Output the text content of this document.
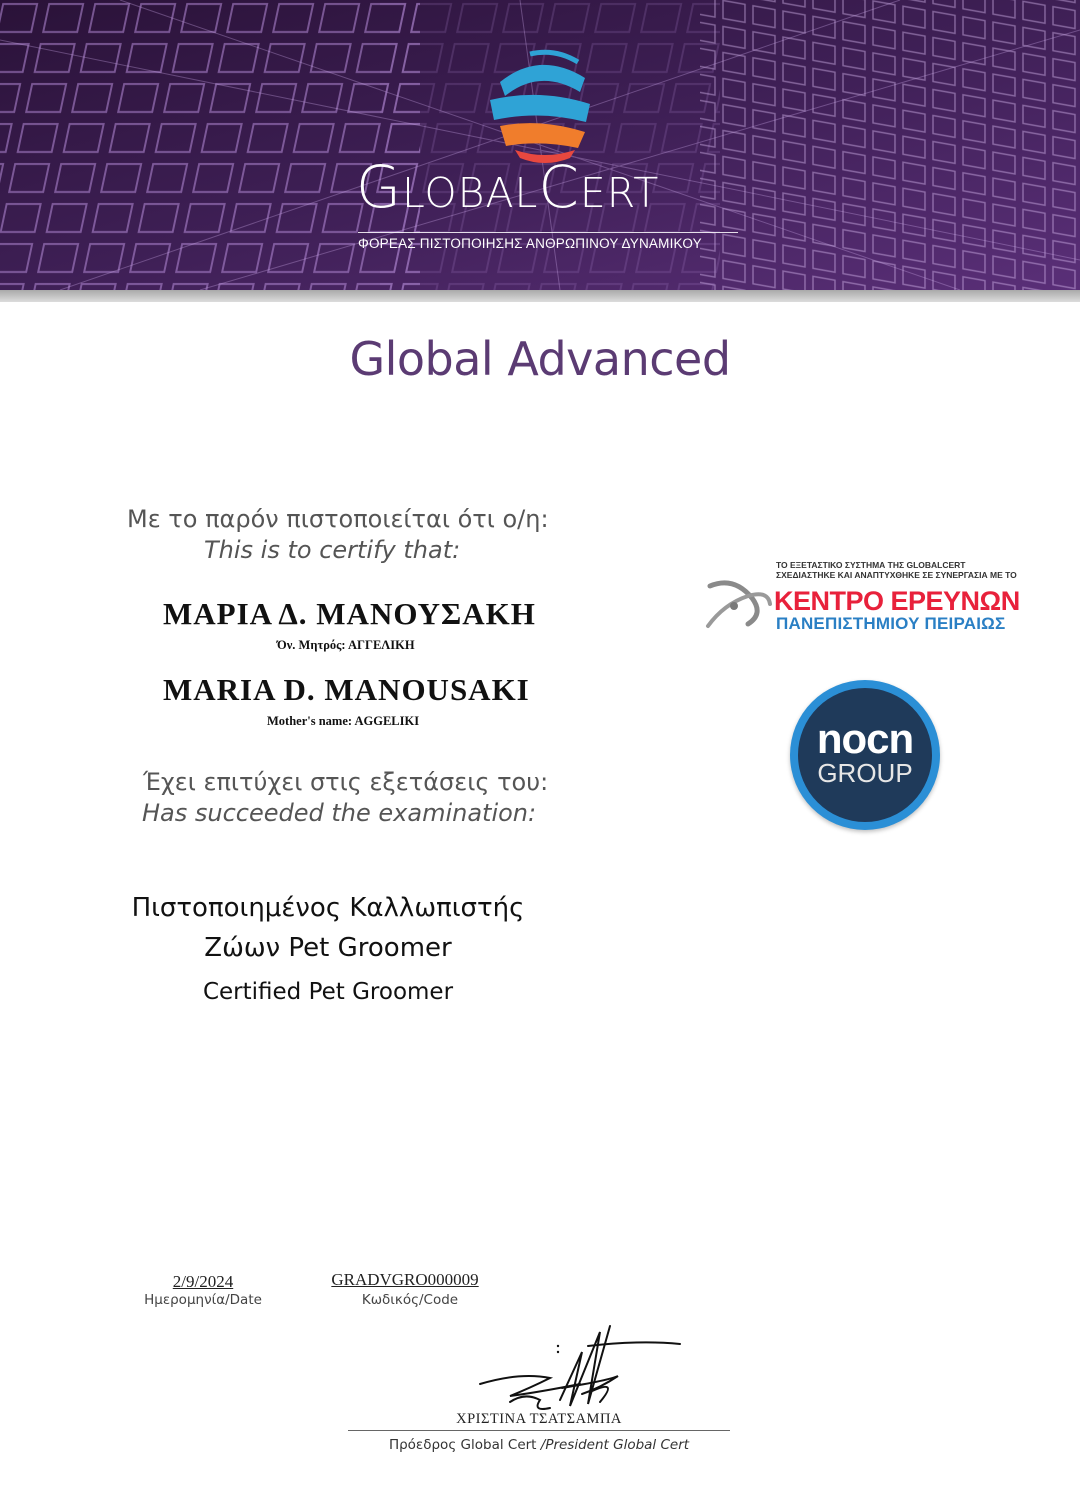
GlobalCert
ΦΟΡΕΑΣ ΠΙΣΤΟΠΟΙΗΣΗΣ ΑΝΘΡΩΠΙΝΟΥ ΔΥΝΑΜΙΚΟΥ
Global Advanced
Με το παρόν πιστοποιείται ότι ο/η:
This is to certify that:
ΜΑΡΙΑ Δ. ΜΑΝΟΥΣΑΚΗ
Όν. Μητρός: ΑΓΓΕΛΙΚΗ
MARIA D. MANOUSAKI
Mother's name: AGGELIKI
Έχει επιτύχει στις εξετάσεις του:
Has succeeded the examination:
Πιστοποιημένος Καλλωπιστής
Ζώων Pet Groomer
Certified Pet Groomer
ΤΟ ΕΞΕΤΑΣΤΙΚΟ ΣΥΣΤΗΜΑ ΤΗΣ GLOBALCERT
ΣΧΕΔΙΑΣΤΗΚΕ ΚΑΙ ΑΝΑΠΤΥΧΘΗΚΕ ΣΕ ΣΥΝΕΡΓΑΣΙΑ ΜΕ ΤΟ
ΚΕΝΤΡΟ ΕΡΕΥΝΩΝ
ΠΑΝΕΠΙΣΤΗΜΙΟΥ ΠΕΙΡΑΙΩΣ
nocn
GROUP
2/9/2024
Ημερομηνία/Date
GRADVGRO000009
Κωδικός/Code
ΧΡΙΣΤΙΝΑ ΤΣΑΤΣΑΜΠΑ
Πρόεδρος Global Cert /President Global Cert
